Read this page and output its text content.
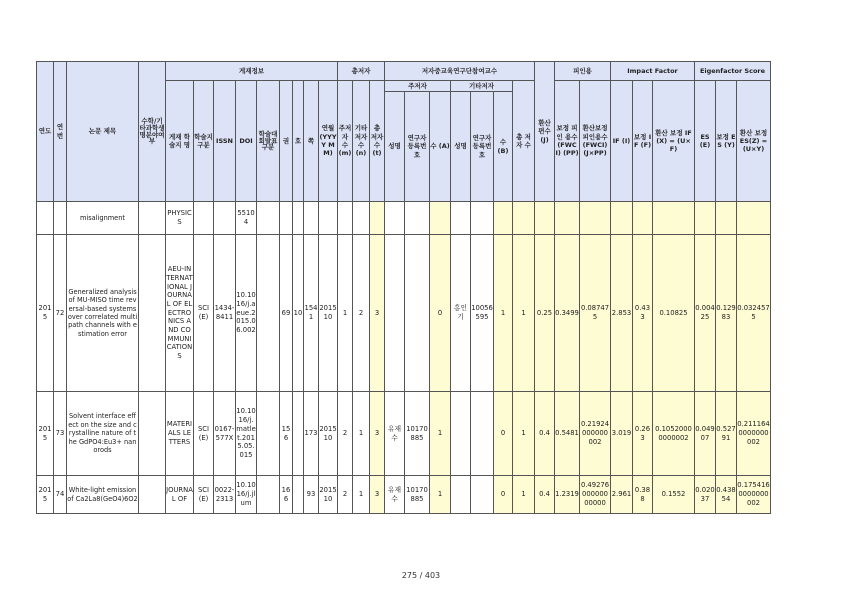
연도	연번	논문 제목	수학/기타과학생명분야여부	게재정보									총저자			저자중교육연구단참여교수							환산 편수 (J)	피인용		Impact Factor			Eigenfactor Score		
				게재 학술지 명	학술지 구분	ISSN	DOI	학술대회발표구분	권	호	쪽	연월(YYYY MM)	주저자 수 (m)	기타 저자 수 (n)	총 저자 수 (t)	주저자			기타저자			총 저자 수		보정 피인 용수 (FWCI) (PP)	환산보정피인용수 (FWCI) (J×PP)	IF (I)	보정 IF (F)	환산 보정 IF(X) = (U×F)	ES (E)	보정 ES (Y)	환산 보정 ES(Z) =(U×Y)
																성명	연구자 등록번호	수 (A)	성명	연구자 등록번호	수 (B)										
		misalignment		PHYSICS			55104																								
2015	72	Generalized analysis of MU-MISO time reversal-based systems over correlated multipath channels with estimation error		AEU-INTERNATIONAL JOURNAL OF ELECTRONICS AND COMMUNICATIONS	SCI(E)	1434-8411	10.1016/j.aeue.2015.06.002		69	10	1541	201510	1	2	3			0	홍인기	10056595	1	1	0.25	0.3499	0.087475	2.853	0.433	0.10825	0.00425	0.12983	0.0324575
2015	73	Solvent interface effect on the size and crystalline nature of the GdPO4:Eu3+ nanorods		MATERIALS LETTERS	SCI(E)	0167-577X	10.1016/j.matlet.2015.05.015		156		173	201510	2	1	3	유재수	10170885	1			0	1	0.4	0.5481	0.21924000000002	3.019	0.263	0.10520000000002	0.04907	0.52791	0.2111640000000002
2015	74	White-light emission of Ca2La8(GeO4)6O2		JOURNAL OF	SCI(E)	0022-2313	10.1016/j.jlum		166		93	201510	2	1	3	유재수	10170885	1			0	1	0.4	1.2319	0.4927600000000000	2.961	0.388	0.1552	0.02037	0.43854	0.1754160000000002
275 / 403
